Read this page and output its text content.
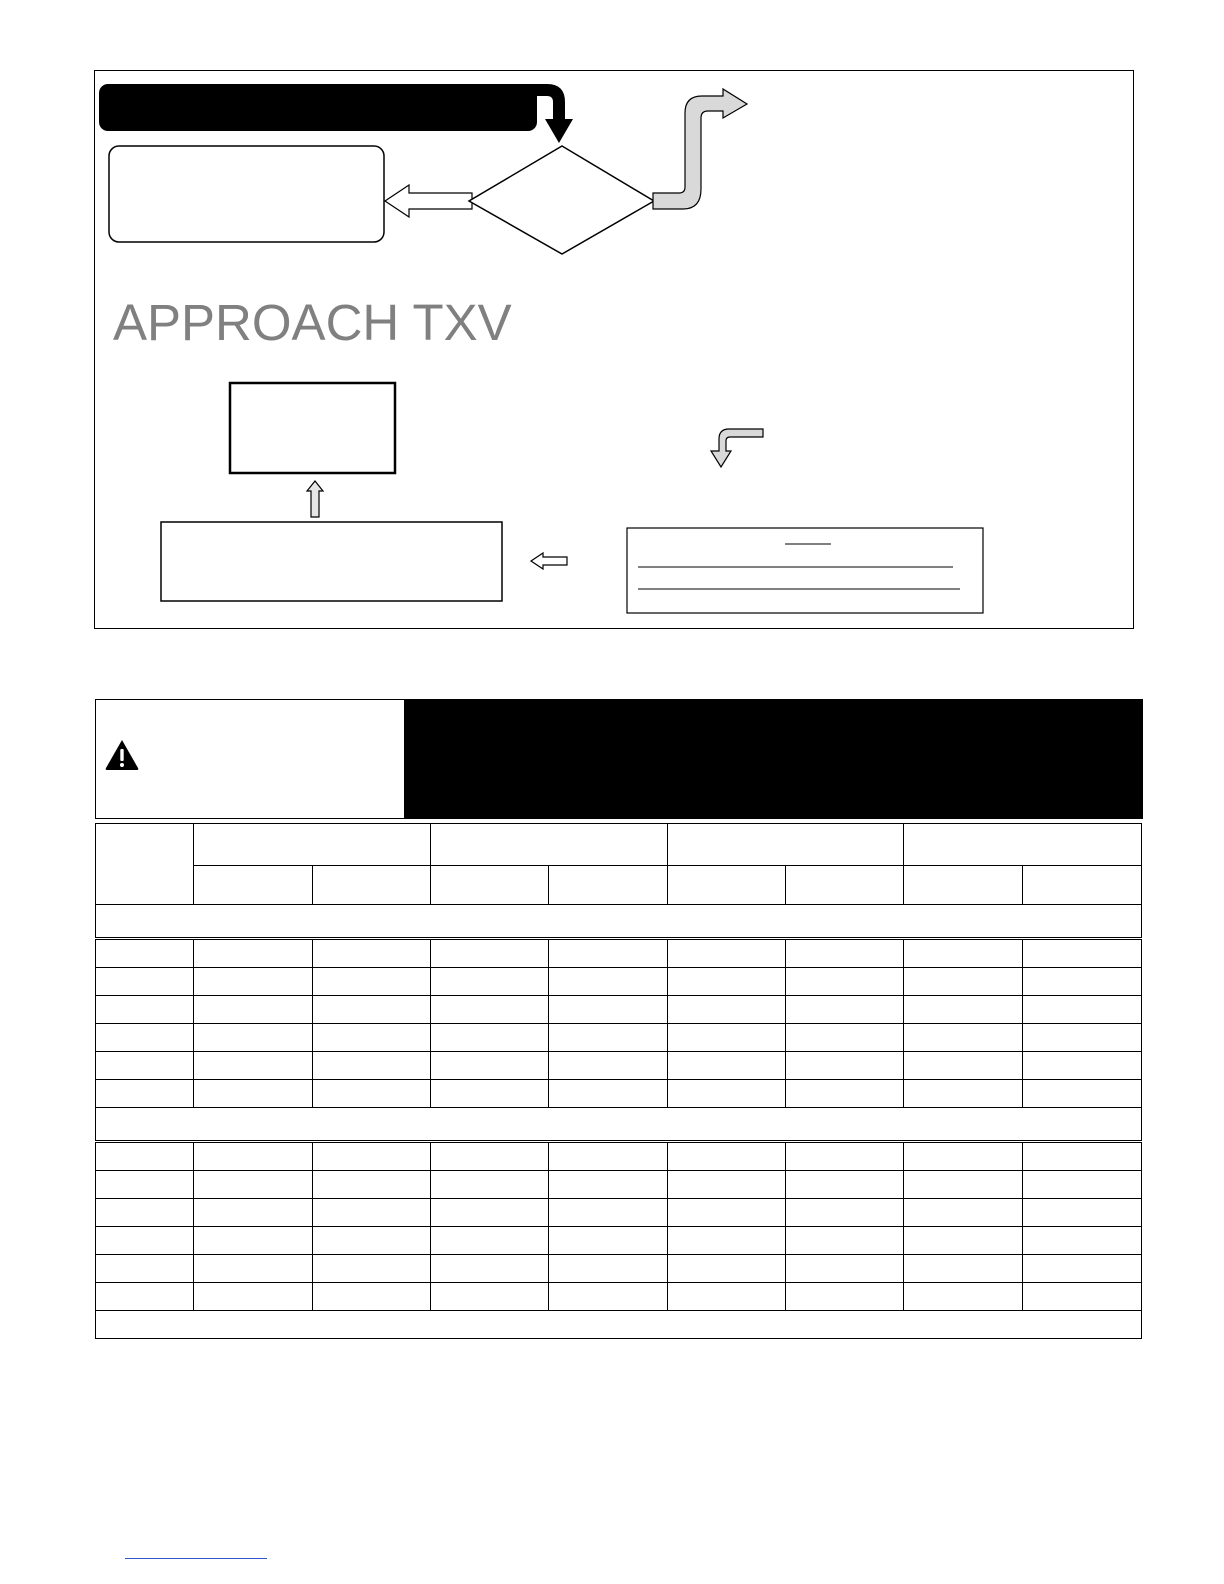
APPROACH TXV
